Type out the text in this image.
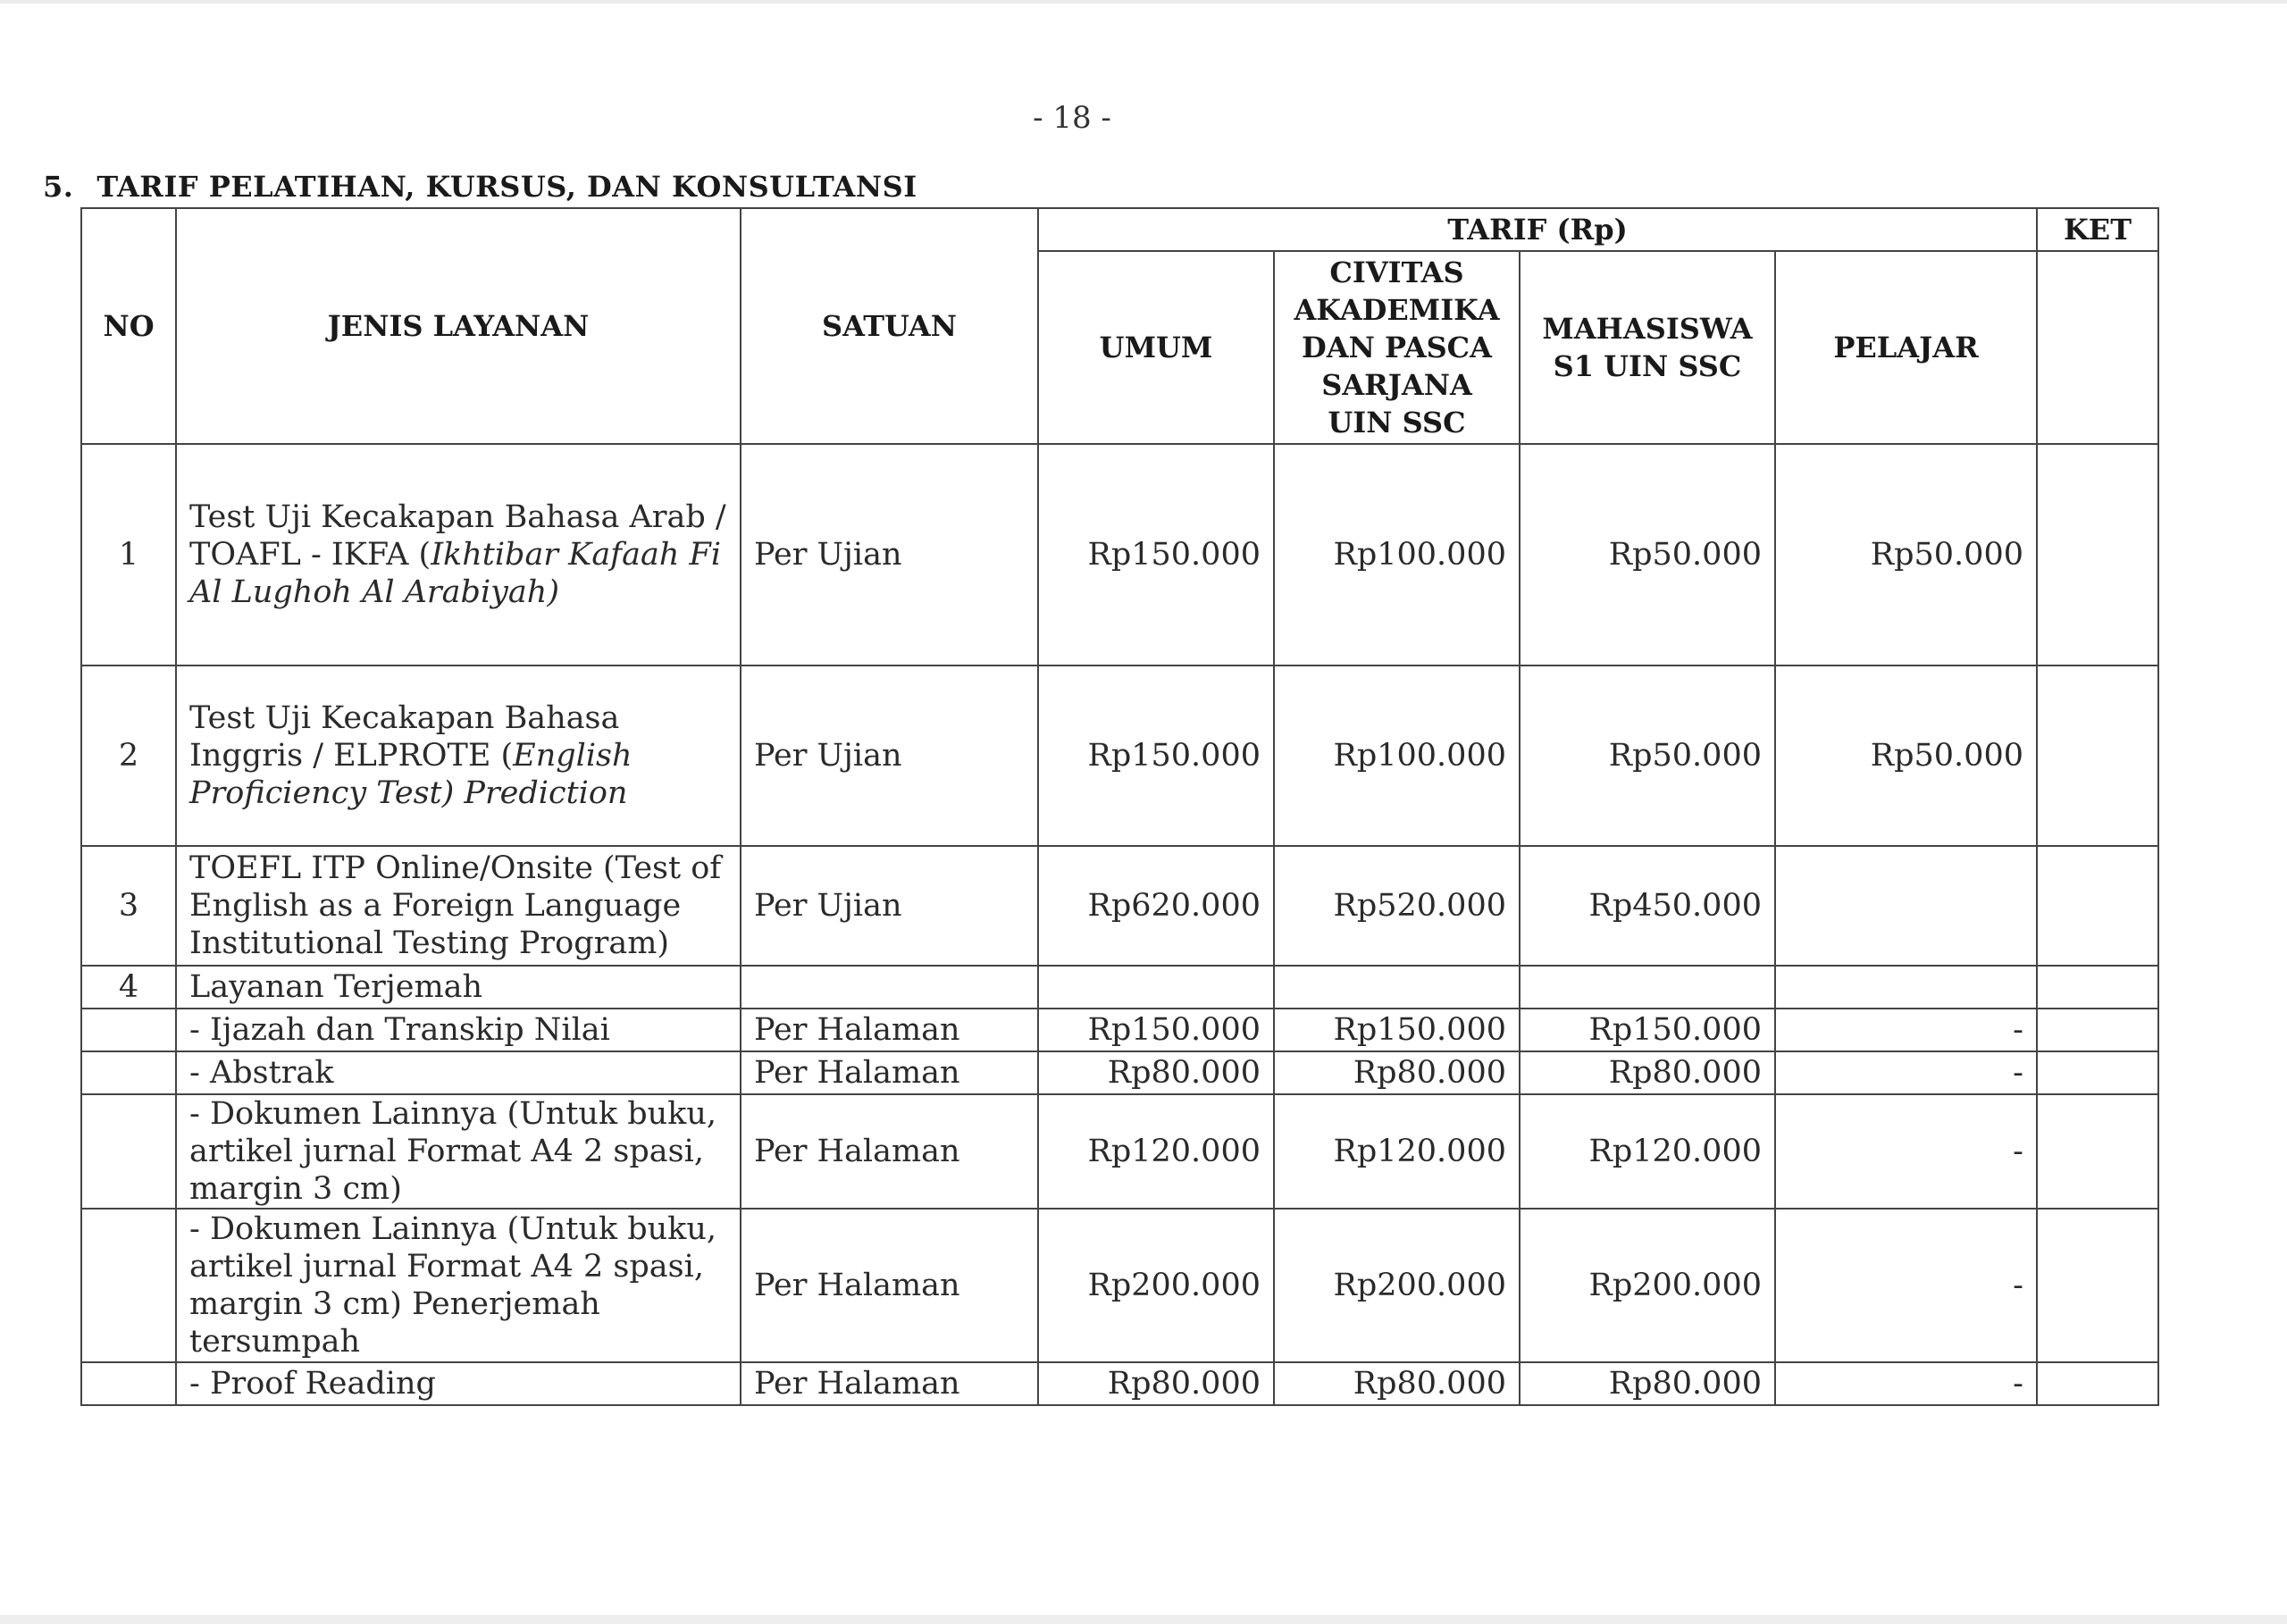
- 18 -
5. TARIF PELATIHAN, KURSUS, DAN KONSULTANSI
NO	JENIS LAYANAN	SATUAN	TARIF (Rp)				KET
			UMUM	CIVITAS AKADEMIKA DAN PASCA SARJANA UIN SSC	MAHASISWA S1 UIN SSC	PELAJAR	
1	Test Uji Kecakapan Bahasa Arab / TOAFL - IKFA (Ikhtibar Kafaah Fi Al Lughoh Al Arabiyah)	Per Ujian	Rp150.000	Rp100.000	Rp50.000	Rp50.000	
2	Test Uji Kecakapan Bahasa Inggris / ELPROTE (English Proficiency Test) Prediction	Per Ujian	Rp150.000	Rp100.000	Rp50.000	Rp50.000	
3	TOEFL ITP Online/Onsite (Test of English as a Foreign Language Institutional Testing Program)	Per Ujian	Rp620.000	Rp520.000	Rp450.000		
4	Layanan Terjemah						
	- Ijazah dan Transkip Nilai	Per Halaman	Rp150.000	Rp150.000	Rp150.000	-	
	- Abstrak	Per Halaman	Rp80.000	Rp80.000	Rp80.000	-	
	- Dokumen Lainnya (Untuk buku, artikel jurnal Format A4 2 spasi, margin 3 cm)	Per Halaman	Rp120.000	Rp120.000	Rp120.000	-	
	- Dokumen Lainnya (Untuk buku, artikel jurnal Format A4 2 spasi, margin 3 cm) Penerjemah tersumpah	Per Halaman	Rp200.000	Rp200.000	Rp200.000	-	
	- Proof Reading	Per Halaman	Rp80.000	Rp80.000	Rp80.000	-	
